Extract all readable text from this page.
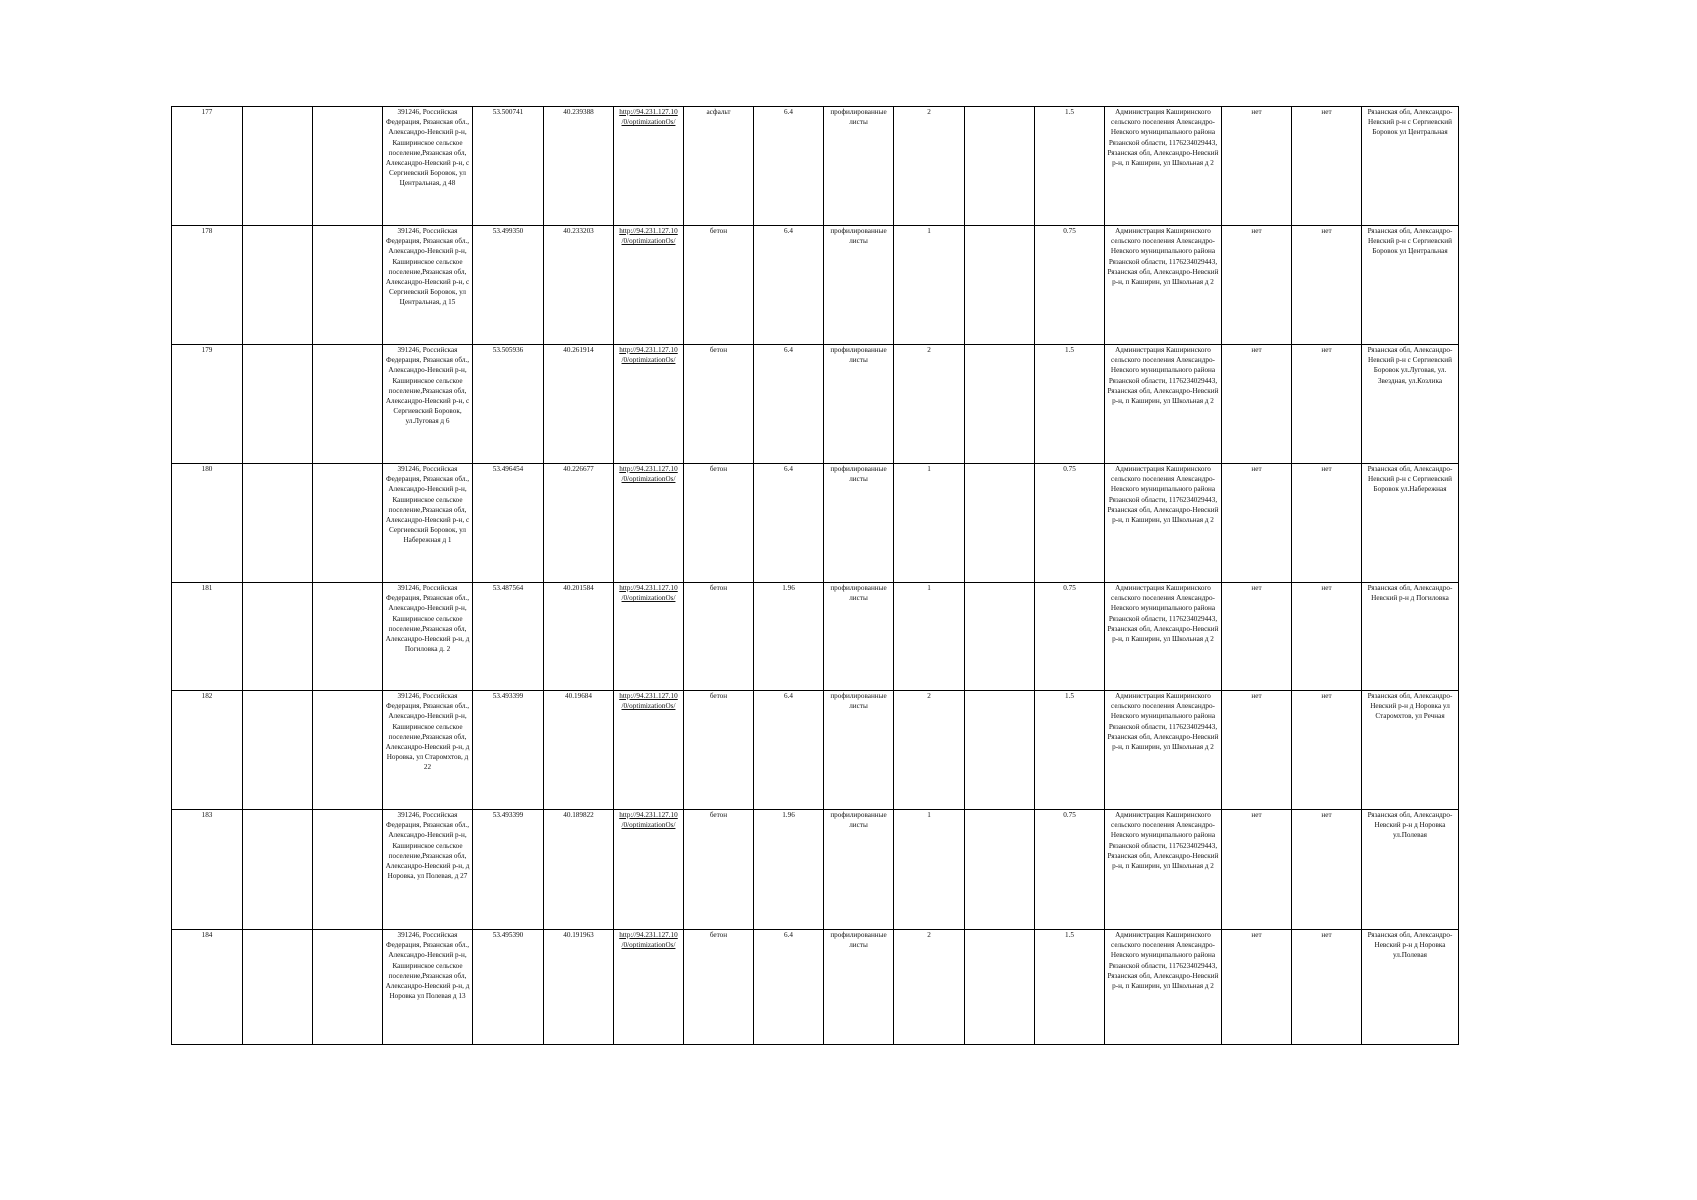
177			391246, Российская Федерация, Рязанская обл., Александро-Невский р-н, Каширинское сельское поселение,Рязанская обл, Александро-Невский р-н, с Сергиевский Боровок, ул Центральная, д 48	53.500741	40.239388	http://94.231.127.10 /0/optimizationOs/	асфальт	6.4	профилированные листы	2		1.5	Администрация Каширинского сельского поселения Александро-Невского муниципального района Рязанской области, 1176234029443, Рязанская обл, Александро-Невский р-н, п Каширин, ул Школьная д 2	нет	нет	Рязанская обл, Александро-Невский р-н с Сергиевский Боровок ул Центральная
178			391246, Российская Федерация, Рязанская обл., Александро-Невский р-н, Каширинское сельское поселение,Рязанская обл, Александро-Невский р-н, с Сергиевский Боровок, ул Центральная, д 15	53.499350	40.233203	http://94.231.127.10 /0/optimizationOs/	бетон	6.4	профилированные листы	1		0.75	Администрация Каширинского сельского поселения Александро-Невского муниципального района Рязанской области, 1176234029443, Рязанская обл, Александро-Невский р-н, п Каширин, ул Школьная д 2	нет	нет	Рязанская обл, Александро-Невский р-н с Сергиевский Боровок ул Центральная
179			391246, Российская Федерация, Рязанская обл., Александро-Невский р-н, Каширинское сельское поселение,Рязанская обл, Александро-Невский р-н, с Сергиевский Боровок, ул.Луговая д 6	53.505936	40.261914	http://94.231.127.10 /0/optimizationOs/	бетон	6.4	профилированные листы	2		1.5	Администрация Каширинского сельского поселения Александро-Невского муниципального района Рязанской области, 1176234029443, Рязанская обл, Александро-Невский р-н, п Каширин, ул Школьная д 2	нет	нет	Рязанская обл, Александро-Невский р-н с Сергиевский Боровок ул.Луговая, ул. Звездная, ул.Козлика
180			391246, Российская Федерация, Рязанская обл., Александро-Невский р-н, Каширинское сельское поселение,Рязанская обл, Александро-Невский р-н, с Сергиевский Боровок, ул Набережная д 1	53.496454	40.226677	http://94.231.127.10 /0/optimizationOs/	бетон	6.4	профилированные листы	1		0.75	Администрация Каширинского сельского поселения Александро-Невского муниципального района Рязанской области, 1176234029443, Рязанская обл, Александро-Невский р-н, п Каширин, ул Школьная д 2	нет	нет	Рязанская обл, Александро-Невский р-н с Сергиевский Боровок ул.Набережная
181			391246, Российская Федерация, Рязанская обл., Александро-Невский р-н, Каширинское сельское поселение,Рязанская обл, Александро-Невский р-н, д Погиловка д. 2	53.487564	40.201584	http://94.231.127.10 /0/optimizationOs/	бетон	1.96	профилированные листы	1		0.75	Администрация Каширинского сельского поселения Александро-Невского муниципального района Рязанской области, 1176234029443, Рязанская обл, Александро-Невский р-н, п Каширин, ул Школьная д 2	нет	нет	Рязанская обл, Александро-Невский р-н д Погиловка
182			391246, Российская Федерация, Рязанская обл., Александро-Невский р-н, Каширинское сельское поселение,Рязанская обл, Александро-Невский р-н, д Норовка, ул Старомхтов, д 22	53.493399	40.19684	http://94.231.127.10 /0/optimizationOs/	бетон	6.4	профилированные листы	2		1.5	Администрация Каширинского сельского поселения Александро-Невского муниципального района Рязанской области, 1176234029443, Рязанская обл, Александро-Невский р-н, п Каширин, ул Школьная д 2	нет	нет	Рязанская обл, Александро-Невский р-н д Норовка ул Старомхтов, ул Речная
183			391246, Российская Федерация, Рязанская обл., Александро-Невский р-н, Каширинское сельское поселение,Рязанская обл, Александро-Невский р-н, д Норовка, ул Полевая, д 27	53.493399	40.189822	http://94.231.127.10 /0/optimizationOs/	бетон	1.96	профилированные листы	1		0.75	Администрация Каширинского сельского поселения Александро-Невского муниципального района Рязанской области, 1176234029443, Рязанская обл, Александро-Невский р-н, п Каширин, ул Школьная д 2	нет	нет	Рязанская обл, Александро-Невский р-н д Норовка ул.Полевая
184			391246, Российская Федерация, Рязанская обл., Александро-Невский р-н, Каширинское сельское поселение,Рязанская обл, Александро-Невский р-н, д Норовка ул Полевая д 13	53.495390	40.191963	http://94.231.127.10 /0/optimizationOs/	бетон	6.4	профилированные листы	2		1.5	Администрация Каширинского сельского поселения Александро-Невского муниципального района Рязанской области, 1176234029443, Рязанская обл, Александро-Невский р-н, п Каширин, ул Школьная д 2	нет	нет	Рязанская обл, Александро-Невский р-н д Норовка ул.Полевая
